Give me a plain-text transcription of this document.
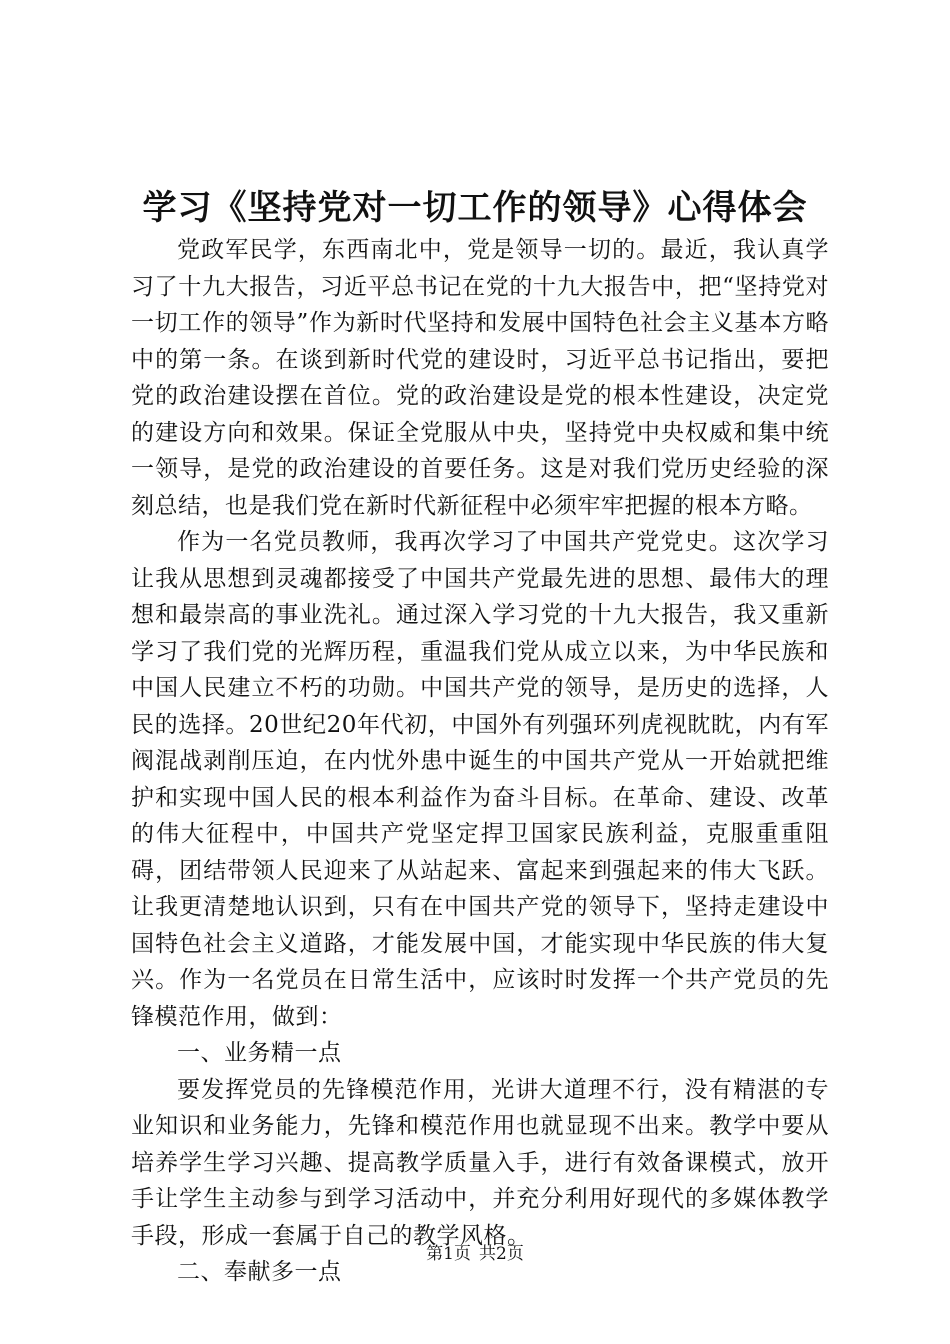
学习《坚持党对一切工作的领导》心得体会

党政军民学，东西南北中，党是领导一切的。最近，我认真学习了十九大报告，习近平总书记在党的十九大报告中，把“坚持党对一切工作的领导”作为新时代坚持和发展中国特色社会主义基本方略中的第一条。在谈到新时代党的建设时，习近平总书记指出，要把党的政治建设摆在首位。党的政治建设是党的根本性建设，决定党的建设方向和效果。保证全党服从中央，坚持党中央权威和集中统一领导，是党的政治建设的首要任务。这是对我们党历史经验的深刻总结，也是我们党在新时代新征程中必须牢牢把握的根本方略。

作为一名党员教师，我再次学习了中国共产党党史。这次学习让我从思想到灵魂都接受了中国共产党最先进的思想、最伟大的理想和最崇高的事业洗礼。通过深入学习党的十九大报告，我又重新学习了我们党的光辉历程，重温我们党从成立以来，为中华民族和中国人民建立不朽的功勋。中国共产党的领导，是历史的选择，人民的选择。20世纪20年代初，中国外有列强环列虎视眈眈，内有军阀混战剥削压迫，在内忧外患中诞生的中国共产党从一开始就把维护和实现中国人民的根本利益作为奋斗目标。在革命、建设、改革的伟大征程中，中国共产党坚定捍卫国家民族利益，克服重重阻碍，团结带领人民迎来了从站起来、富起来到强起来的伟大飞跃。让我更清楚地认识到，只有在中国共产党的领导下，坚持走建设中国特色社会主义道路，才能发展中国，才能实现中华民族的伟大复兴。作为一名党员在日常生活中，应该时时发挥一个共产党员的先锋模范作用，做到：

一、业务精一点

要发挥党员的先锋模范作用，光讲大道理不行，没有精湛的专业知识和业务能力，先锋和模范作用也就显现不出来。教学中要从培养学生学习兴趣、提高教学质量入手，进行有效备课模式，放开手让学生主动参与到学习活动中，并充分利用好现代的多媒体教学手段，形成一套属于自己的教学风格。

二、奉献多一点

第1页 共2页
